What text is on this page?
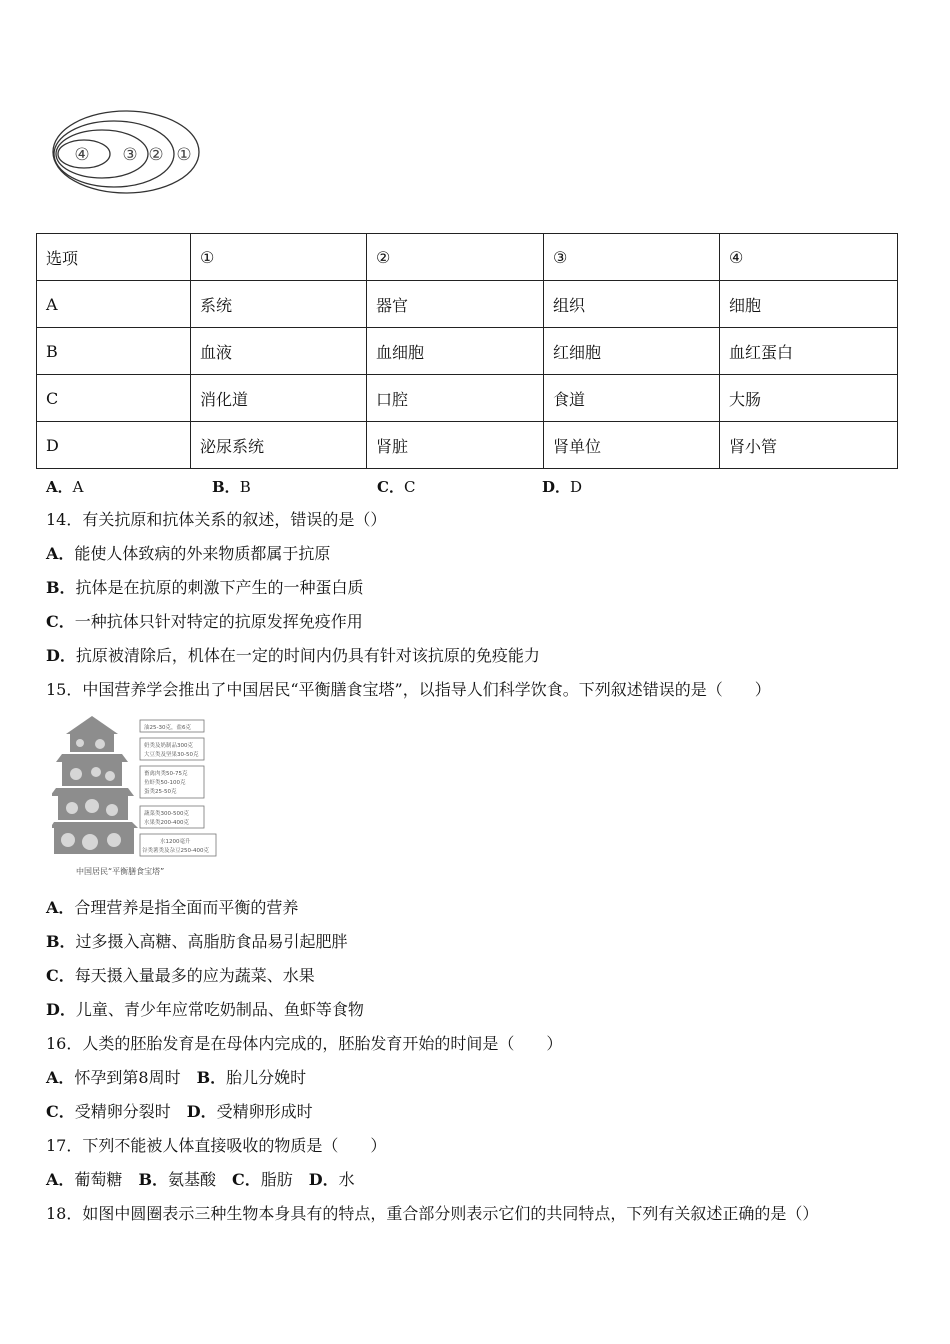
④ ③ ② ①
选项	①	②	③	④
A	系统	器官	组织	细胞
B	血液	血细胞	红细胞	血红蛋白
C	消化道	口腔	食道	大肠
D	泌尿系统	肾脏	肾单位	肾小管
A．A	B．B	C．C	D．D
14．有关抗原和抗体关系的叙述，错误的是（）
A．能使人体致病的外来物质都属于抗原
B．抗体是在抗原的刺激下产生的一种蛋白质
C．一种抗体只针对特定的抗原发挥免疫作用
D．抗原被清除后，机体在一定的时间内仍具有针对该抗原的免疫能力
15．中国营养学会推出了中国居民“平衡膳食宝塔”，以指导人们科学饮食。下列叙述错误的是（　　）
油25-30克，盐6克
奶类及奶制品300克
大豆类及坚果30-50克
畜禽肉类50-75克
鱼虾类50-100克
蛋类25-50克
蔬菜类300-500克
水果类200-400克
水1200毫升
谷类薯类及杂豆250-400克
中国居民“平衡膳食宝塔”
A．合理营养是指全面而平衡的营养
B．过多摄入高糖、高脂肪食品易引起肥胖
C．每天摄入量最多的应为蔬菜、水果
D．儿童、青少年应常吃奶制品、鱼虾等食物
16．人类的胚胎发育是在母体内完成的，胚胎发育开始的时间是（　　）
A．怀孕到第8周时　B．胎儿分娩时
C．受精卵分裂时　D．受精卵形成时
17．下列不能被人体直接吸收的物质是（　　）
A．葡萄糖　B．氨基酸　C．脂肪　D．水
18．如图中圆圈表示三种生物本身具有的特点，重合部分则表示它们的共同特点，下列有关叙述正确的是（）
